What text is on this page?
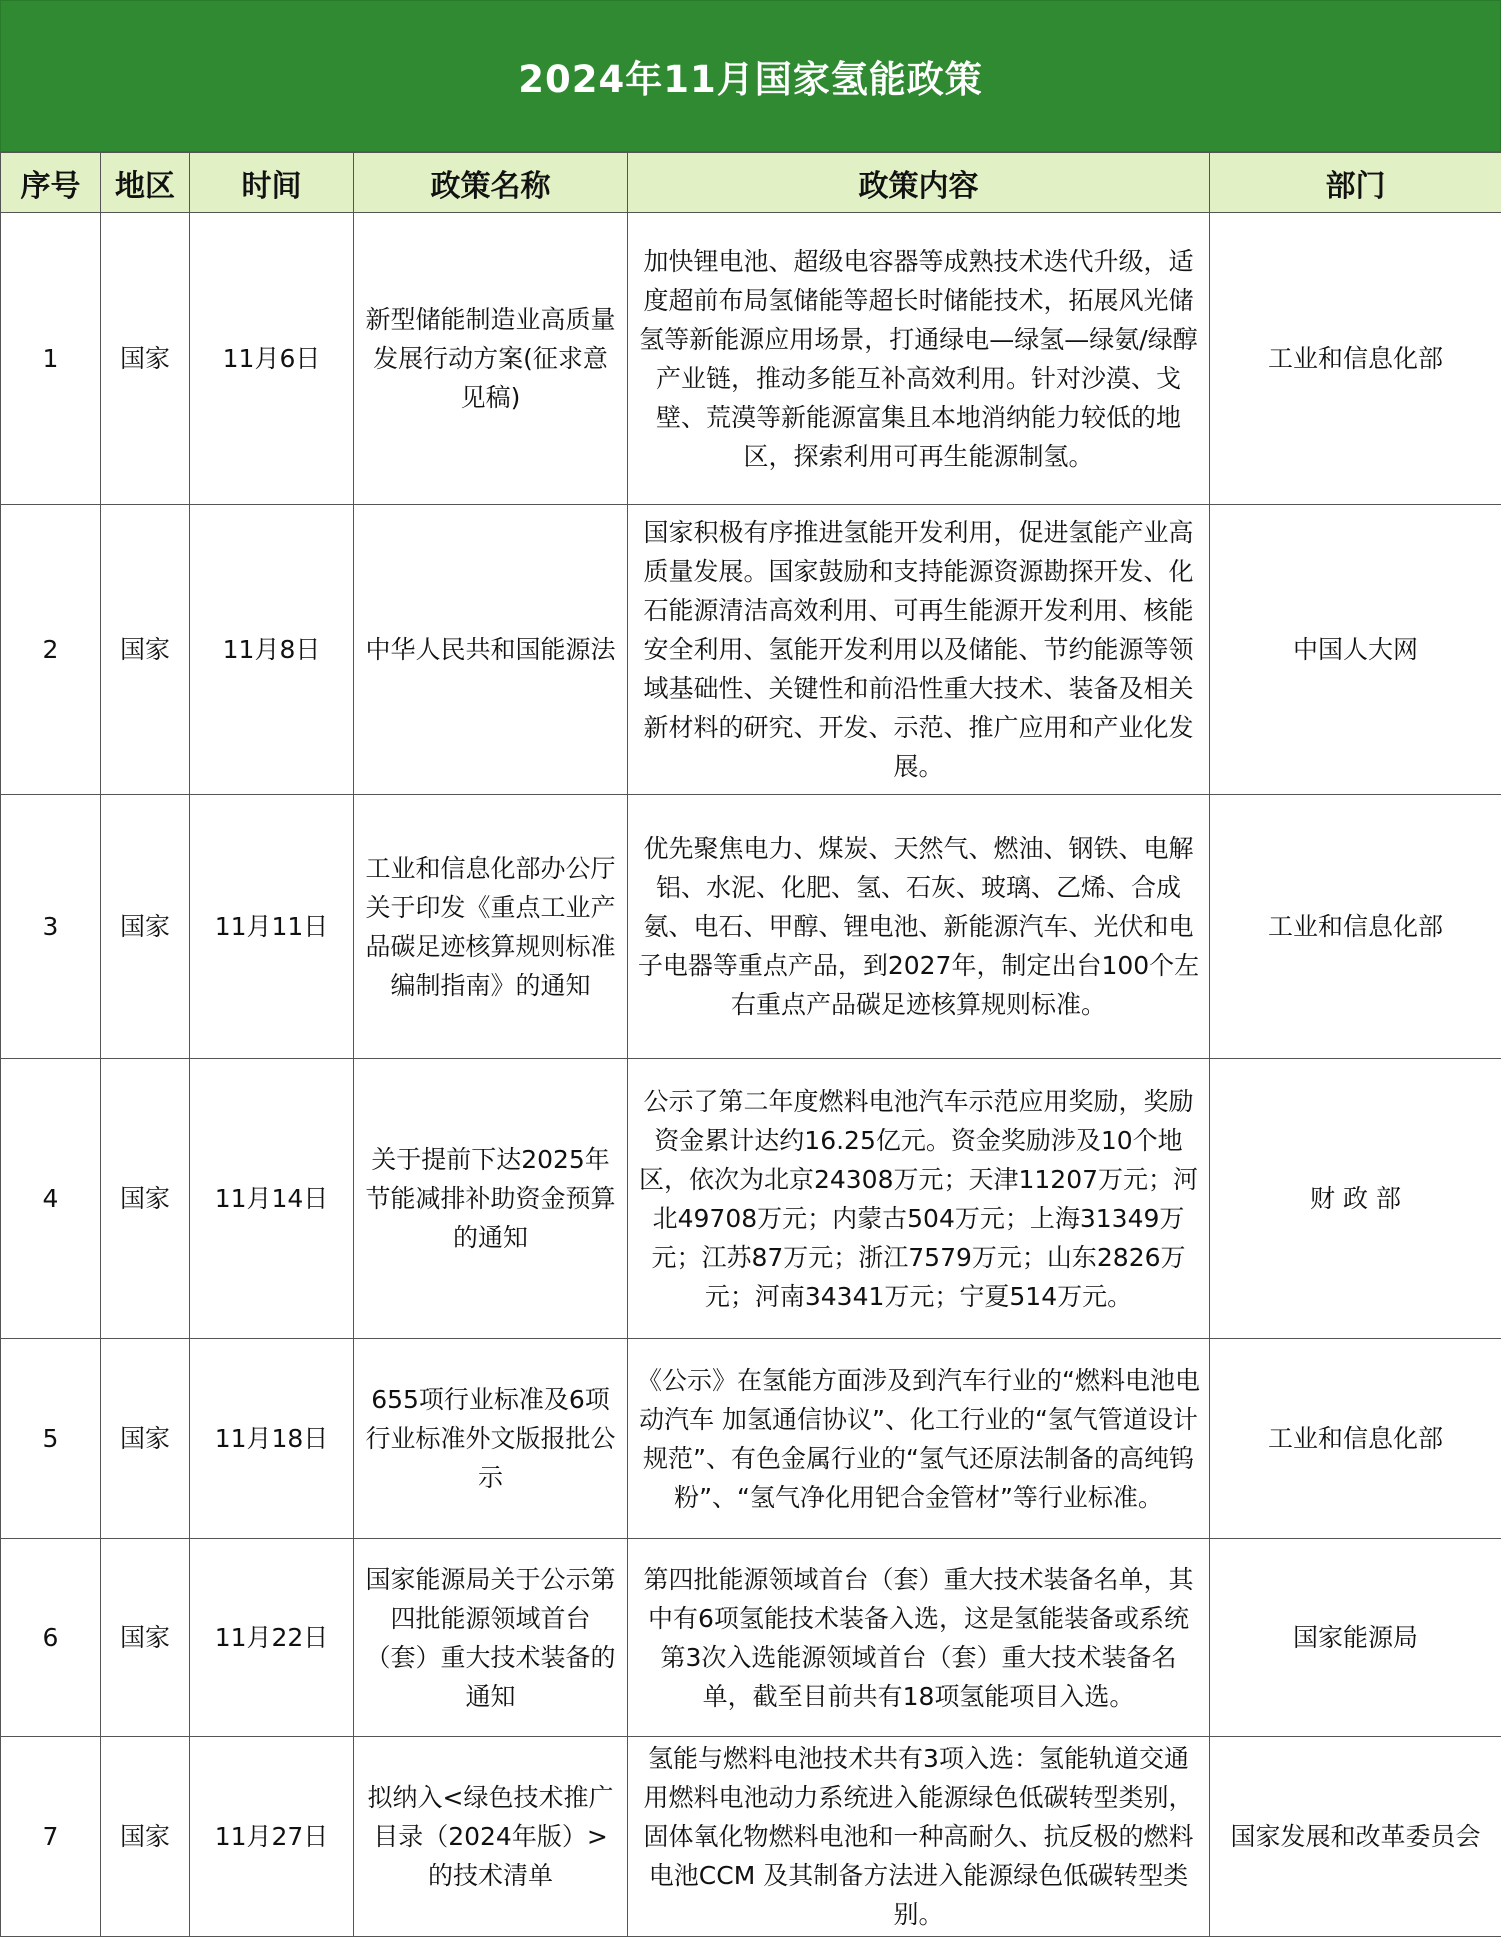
2024年11月国家氢能政策
序号	地区	时间	政策名称	政策内容	部门
1	国家	11月6日	新型储能制造业高质量发展行动方案(征求意见稿)	加快锂电池、超级电容器等成熟技术迭代升级，适度超前布局氢储能等超长时储能技术，拓展风光储氢等新能源应用场景，打通绿电—绿氢—绿氨/绿醇产业链，推动多能互补高效利用。针对沙漠、戈壁、荒漠等新能源富集且本地消纳能力较低的地区，探索利用可再生能源制氢。	工业和信息化部
2	国家	11月8日	中华人民共和国能源法	国家积极有序推进氢能开发利用，促进氢能产业高质量发展。国家鼓励和支持能源资源勘探开发、化石能源清洁高效利用、可再生能源开发利用、核能安全利用、氢能开发利用以及储能、节约能源等领域基础性、关键性和前沿性重大技术、装备及相关新材料的研究、开发、示范、推广应用和产业化发展。	中国人大网
3	国家	11月11日	工业和信息化部办公厅关于印发《重点工业产品碳足迹核算规则标准编制指南》的通知	优先聚焦电力、煤炭、天然气、燃油、钢铁、电解铝、水泥、化肥、氢、石灰、玻璃、乙烯、合成氨、电石、甲醇、锂电池、新能源汽车、光伏和电子电器等重点产品，到2027年，制定出台100个左右重点产品碳足迹核算规则标准。	工业和信息化部
4	国家	11月14日	关于提前下达2025年节能减排补助资金预算的通知	公示了第二年度燃料电池汽车示范应用奖励，奖励资金累计达约16.25亿元。资金奖励涉及10个地区，依次为北京24308万元；天津11207万元；河北49708万元；内蒙古504万元；上海31349万元；江苏87万元；浙江7579万元；山东2826万元；河南34341万元；宁夏514万元。	财 政 部
5	国家	11月18日	655项行业标准及6项行业标准外文版报批公示	《公示》在氢能方面涉及到汽车行业的“燃料电池电动汽车 加氢通信协议”、化工行业的“氢气管道设计规范”、有色金属行业的“氢气还原法制备的高纯钨粉”、“氢气净化用钯合金管材”等行业标准。	工业和信息化部
6	国家	11月22日	国家能源局关于公示第四批能源领域首台（套）重大技术装备的通知	第四批能源领域首台（套）重大技术装备名单，其中有6项氢能技术装备入选，这是氢能装备或系统第3次入选能源领域首台（套）重大技术装备名单，截至目前共有18项氢能项目入选。	国家能源局
7	国家	11月27日	拟纳入<绿色技术推广目录（2024年版）>的技术清单	氢能与燃料电池技术共有3项入选：氢能轨道交通用燃料电池动力系统进入能源绿色低碳转型类别，固体氧化物燃料电池和一种高耐久、抗反极的燃料电池CCM 及其制备方法进入能源绿色低碳转型类别。	国家发展和改革委员会
